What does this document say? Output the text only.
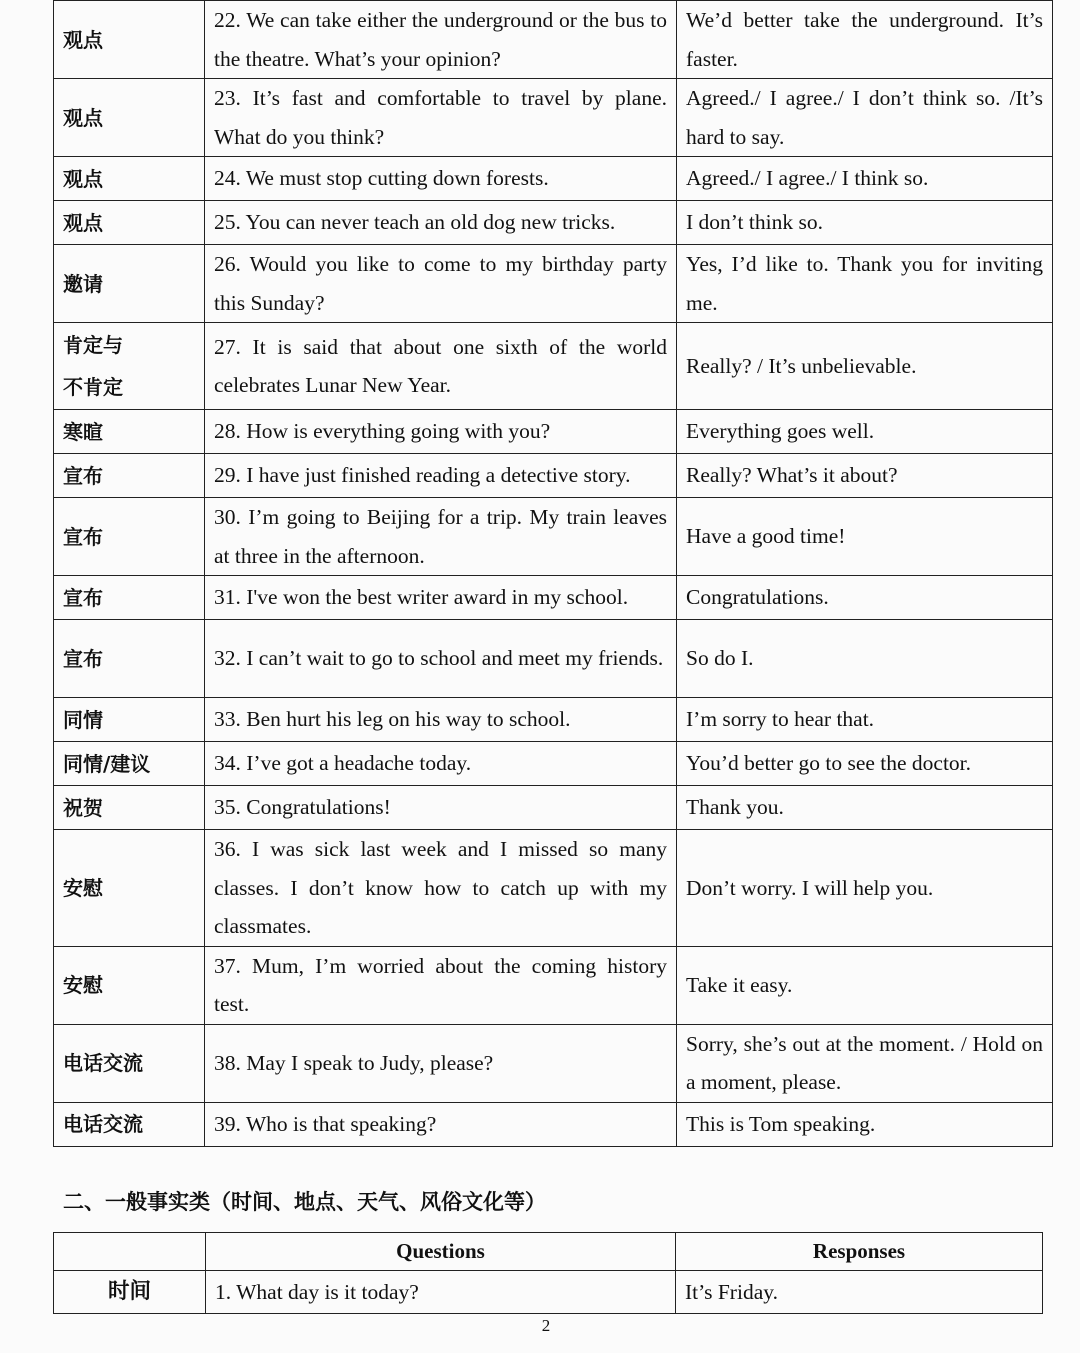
观点	22. We can take either the underground or the bus to the theatre. What’s your opinion?	We’d better take the underground. It’s faster.
观点	23. It’s fast and comfortable to travel by plane. What do you think?	Agreed./ I agree./ I don’t think so. /It’s hard to say.
观点	24. We must stop cutting down forests.	Agreed./ I agree./ I think so.
观点	25. You can never teach an old dog new tricks.	I don’t think so.
邀请	26. Would you like to come to my birthday party this Sunday?	Yes, I’d like to. Thank you for inviting me.
肯定与
不肯定	27. It is said that about one sixth of the world celebrates Lunar New Year.	Really? / It’s unbelievable.
寒暄	28. How is everything going with you?	Everything goes well.
宣布	29. I have just finished reading a detective story.	Really? What’s it about?
宣布	30. I’m going to Beijing for a trip. My train leaves at three in the afternoon.	Have a good time!
宣布	31. I've won the best writer award in my school.	Congratulations.
宣布	32. I can’t wait to go to school and meet my friends.	So do I.
同情	33. Ben hurt his leg on his way to school.	I’m sorry to hear that.
同情/建议	34. I’ve got a headache today.	You’d better go to see the doctor.
祝贺	35. Congratulations!	Thank you.
安慰	36. I was sick last week and I missed so many classes. I don’t know how to catch up with my classmates.	Don’t worry. I will help you.
安慰	37. Mum, I’m worried about the coming history test.	Take it easy.
电话交流	38. May I speak to Judy, please?	Sorry, she’s out at the moment. / Hold on a moment, please.
电话交流	39. Who is that speaking?	This is Tom speaking.
二、一般事实类（时间、地点、天气、风俗文化等）
	Questions	Responses
时间	1. What day is it today?	It’s Friday.
2
